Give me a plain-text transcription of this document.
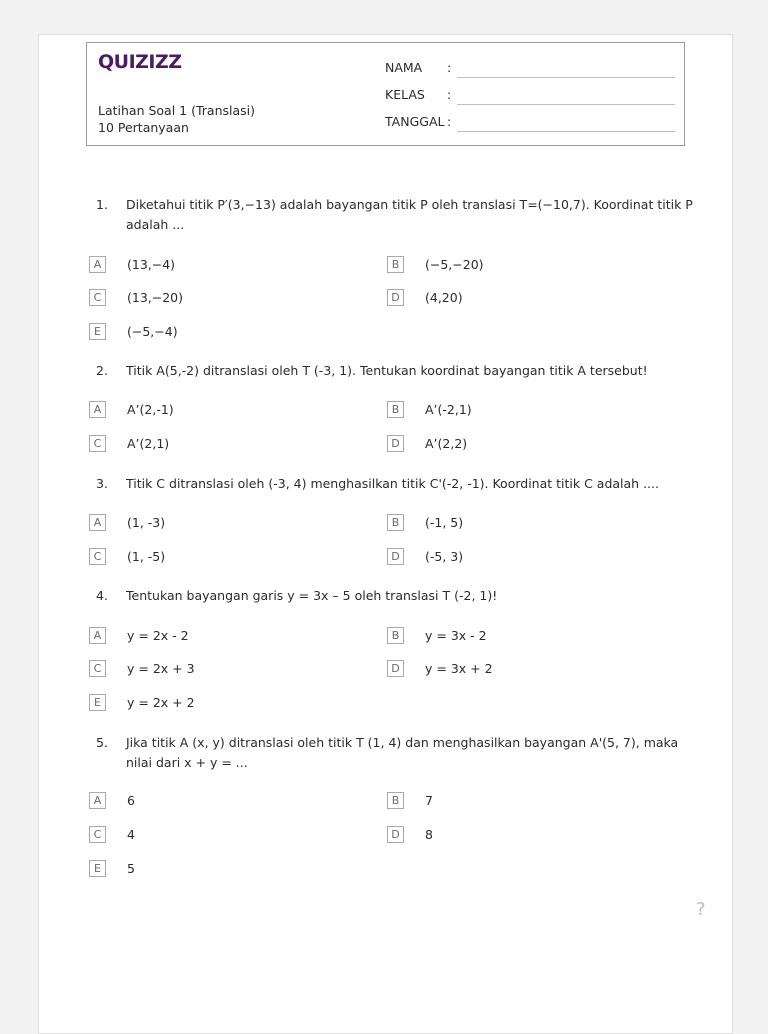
QUIZIZZ
Latihan Soal 1 (Translasi)
10 Pertanyaan
NAMA :
KELAS :
TANGGAL :
1. Diketahui titik P′(3,−13) adalah bayangan titik P oleh translasi T=(−10,7). Koordinat titik P adalah ...
A	(13,−4)	B	(−5,−20)
C	(13,−20)	D	(4,20)
E	(−5,−4)
2. Titik A(5,-2) ditranslasi oleh T (-3, 1). Tentukan koordinat bayangan titik A tersebut!
A	A’(2,-1)	B	A’(-2,1)
C	A’(2,1)	D	A’(2,2)
3. Titik C ditranslasi oleh (-3, 4) menghasilkan titik C'(-2, -1). Koordinat titik C adalah ....
A	(1, -3)	B	(-1, 5)
C	(1, -5)	D	(-5, 3)
4. Tentukan bayangan garis y = 3x – 5 oleh translasi T (-2, 1)!
A	y = 2x - 2	B	y = 3x - 2
C	y = 2x + 3	D	y = 3x + 2
E	y = 2x + 2
5. Jika titik A (x, y) ditranslasi oleh titik T (1, 4) dan menghasilkan bayangan A'(5, 7), maka nilai dari x + y = ...
A	6	B	7
C	4	D	8
E	5
?
